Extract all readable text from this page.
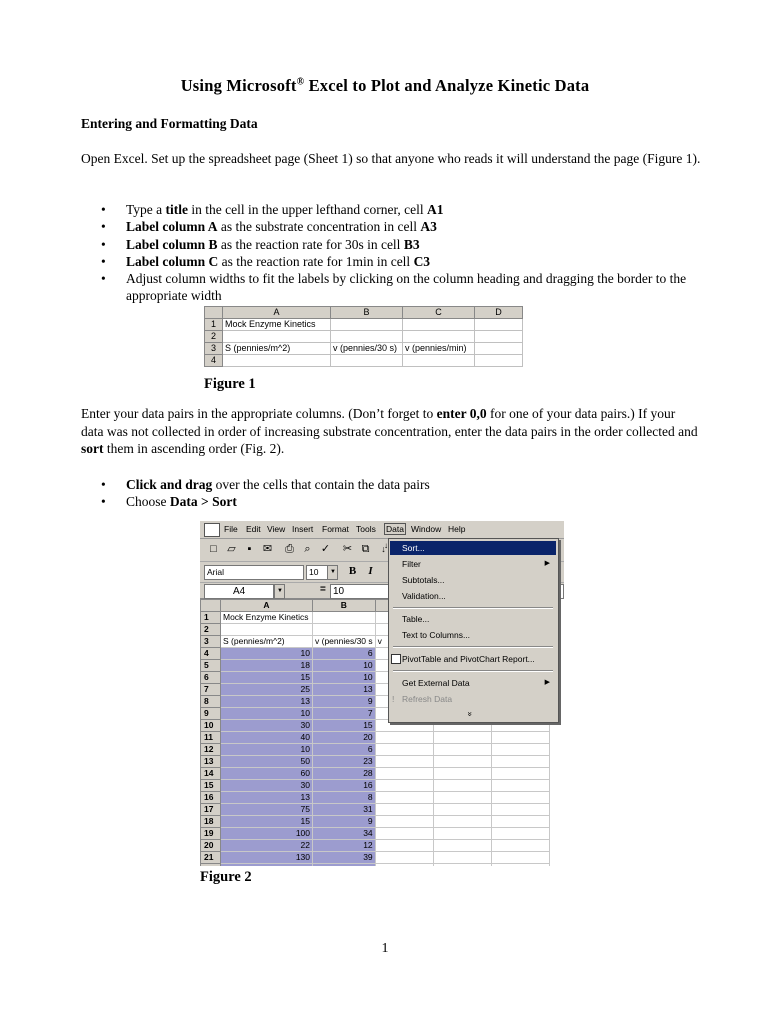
Using Microsoft® Excel to Plot and Analyze Kinetic Data
Entering and Formatting Data
Open Excel. Set up the spreadsheet page (Sheet 1) so that anyone who reads it will understand the page (Figure 1).
• Type a title in the cell in the upper lefthand corner, cell A1
• Label column A as the substrate concentration in cell A3
• Label column B as the reaction rate for 30s in cell B3
• Label column C as the reaction rate for 1min in cell C3
• Adjust column widths to fit the labels by clicking on the column heading and dragging the border to the appropriate width
	A	B	C	D
1	Mock Enzyme Kinetics			
2				
3	S (pennies/m^2)	v (pennies/30 s)	v (pennies/min)	
4				
Figure 1
Enter your data pairs in the appropriate columns. (Don’t forget to enter 0,0 for one of your data pairs.) If your data was not collected in order of increasing substrate concentration, enter the data pairs in the order collected and sort them in ascending order (Fig. 2).
• Click and drag over the cells that contain the data pairs
• Choose Data > Sort
File Edit View Insert Format Tools Data Window Help
□ ▱	▪	✉ ⎙ ⌕ ✓ ✂ ⧉	↓
Arial	10	▼	B	I
A4	▼	= 10
	A	B			
1	Mock Enzyme Kinetics				
2					
3	S (pennies/m^2)	v (pennies/30 s	v		
4	10	6			
5	18	10			
6	15	10			
7	25	13			
8	13	9			
9	10	7			
10	30	15			
11	40	20			
12	10	6			
13	50	23			
14	60	28			
15	30	16			
16	13	8			
17	75	31			
18	15	9			
19	100	34			
20	22	12			
21	130	39			

Sort...
Filter	▶
Subtotals...
Validation...
Table...
Text to Columns...
PivotTable and PivotChart Report...
Get External Data	▶
! Refresh Data
»
↓
Figure 2
1
